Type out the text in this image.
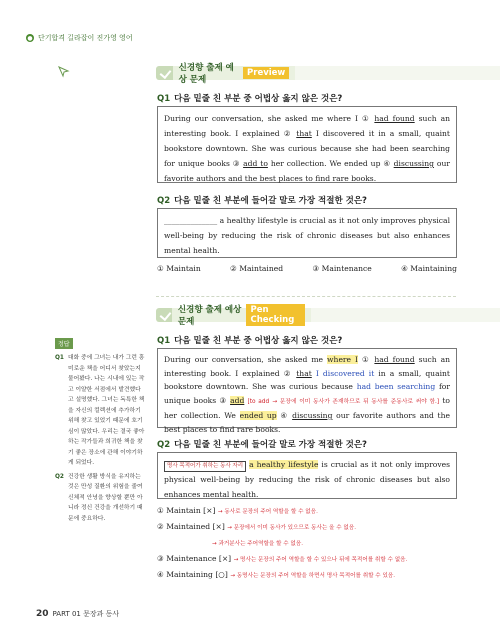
● 단기합격 길라잡이 진가영 영어
신경향 출제 예상 문제
Preview
Q1 다음 밑줄 친 부분 중 어법상 옳지 않은 것은?
During our conversation, she asked me where I ① had found such an interesting book. I explained ② that I discovered it in a small, quaint bookstore downtown. She was curious because she had been searching for unique books ③ add to her collection. We ended up ④ discussing our favorite authors and the best places to find rare books.
Q2 다음 밑줄 친 부분에 들어갈 말로 가장 적절한 것은?
______________ a healthy lifestyle is crucial as it not only improves physical well-being by reducing the risk of chronic diseases but also enhances mental health.
① Maintain	② Maintained	③ Maintenance	④ Maintaining
신경향 출제 예상 문제
Pen Checking
Q1 다음 밑줄 친 부분 중 어법상 옳지 않은 것은?
During our conversation, she asked me where I ① had found such an interesting book. I explained ② that I discovered it in a small, quaint bookstore downtown. She was curious because had been searching for unique books ③ add [to add → 문장에 이미 동사가 존재하므로 뒤 동사를 준동사로 써야 함.] to her collection. We ended up ④ discussing our favorite authors and the best places to find rare books.
Q2 다음 밑줄 친 부분에 들어갈 말로 가장 적절한 것은?
명사 목적어가 취하는 동사 자리 a healthy lifestyle is crucial as it not only improves physical well-being by reducing the risk of chronic diseases but also enhances mental health.
① Maintain [×] → 동사로 문장의 주어 역할을 할 수 없음.
② Maintained [×] → 문장에서 이미 동사가 있으므로 동사는 올 수 없음.
→ 과거분사는 주어역할을 할 수 없음.
③ Maintenance [×] → 명사는 문장의 주어 역할을 할 수 있으나 뒤에 목적어를 취할 수 없음.
④ Maintaining [○] → 동명사는 문장의 주어 역할을 하면서 명사 목적어를 취할 수 있음.
정답
Q1 대화 중에 그녀는 내가 그런 흥미로운 책을 어디서 찾았는지 물어봤다. 나는 시내에 있는 작고 이얄한 서점에서 발견했다고 설명했다. 그녀는 독특한 책을 자신의 컬렉션에 추가하기 위해 찾고 있었기 때문에 호기심이 많았다. 우리는 결국 좋아하는 작가들과 희귀한 책을 찾기 좋은 장소에 관해 이야기하게 되었다.
Q2 건강한 생활 방식을 유지하는 것은 만성 질환의 위험을 줄여 신체적 안녕을 향상할 뿐만 아니라 정신 건강을 개선하기 때문에 중요하다.
20 PART 01 문장과 동사
